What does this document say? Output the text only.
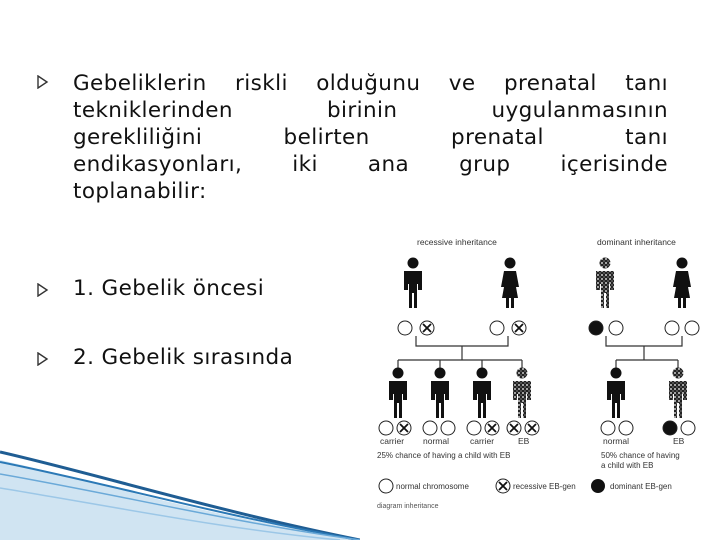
Gebeliklerin riskli olduğunu ve prenatal tanı
tekniklerinden birinin uygulanmasının
gerekliliğini belirten prenatal tanı
endikasyonları, iki ana grup içerisinde
toplanabilir:
1. Gebelik öncesi
2. Gebelik sırasında
recessive inheritance	dominant inheritance
carrier normal carrier	EB	normal	EB
25% chance of having a child with EB	50% chance of having
a child with EB
normal chromosome	recessive EB-gen	dominant EB-gen
diagram inheritance
